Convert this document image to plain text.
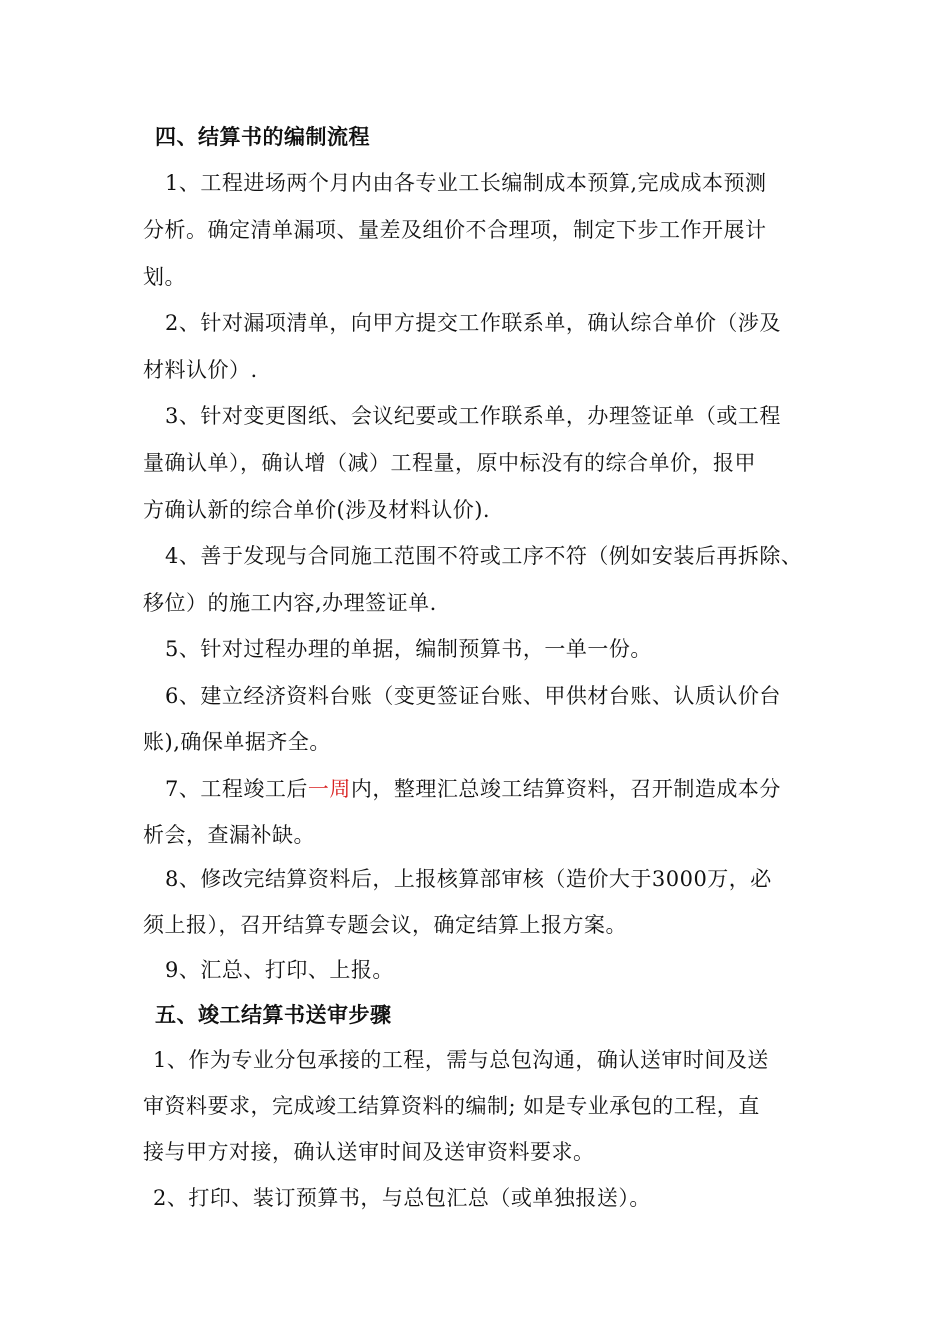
四、结算书的编制流程
1、工程进场两个月内由各专业工长编制成本预算,完成成本预测
分析。确定清单漏项、量差及组价不合理项，制定下步工作开展计
划。
2、针对漏项清单，向甲方提交工作联系单，确认综合单价（涉及
材料认价）.
3、针对变更图纸、会议纪要或工作联系单，办理签证单（或工程
量确认单），确认增（减）工程量，原中标没有的综合单价，报甲
方确认新的综合单价(涉及材料认价).
4、善于发现与合同施工范围不符或工序不符（例如安装后再拆除、
移位）的施工内容,办理签证单.
5、针对过程办理的单据，编制预算书，一单一份。
6、建立经济资料台账（变更签证台账、甲供材台账、认质认价台
账),确保单据齐全。
7、工程竣工后一周内，整理汇总竣工结算资料，召开制造成本分
析会，查漏补缺。
8、修改完结算资料后，上报核算部审核（造价大于3000万，必
须上报），召开结算专题会议，确定结算上报方案。
9、汇总、打印、上报。
五、竣工结算书送审步骤
1、作为专业分包承接的工程，需与总包沟通，确认送审时间及送
审资料要求，完成竣工结算资料的编制; 如是专业承包的工程，直
接与甲方对接，确认送审时间及送审资料要求。
2、打印、装订预算书，与总包汇总（或单独报送）。
